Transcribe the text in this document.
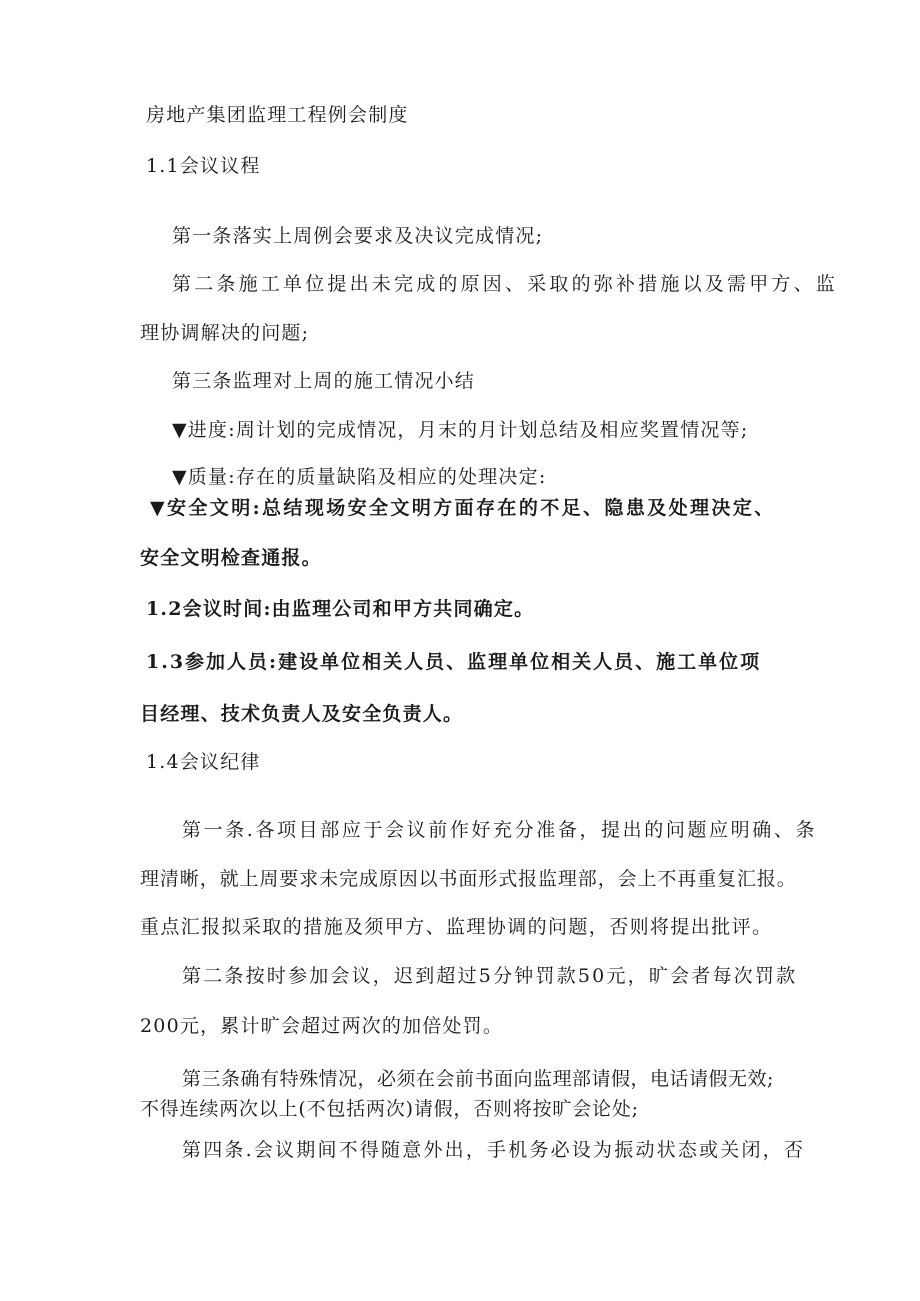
房地产集团监理工程例会制度
1.1会议议程
第一条落实上周例会要求及决议完成情况;
第二条施工单位提出未完成的原因、采取的弥补措施以及需甲方、监
理协调解决的问题;
第三条监理对上周的施工情况小结
▼进度:周计划的完成情况，月末的月计划总结及相应奖置情况等;
▼质量:存在的质量缺陷及相应的处理决定:
▼安全文明:总结现场安全文明方面存在的不足、隐患及处理决定、
安全文明检查通报。
1.2会议时间:由监理公司和甲方共同确定。
1.3参加人员:建设单位相关人员、监理单位相关人员、施工单位项
目经理、技术负责人及安全负责人。
1.4会议纪律
第一条.各项目部应于会议前作好充分准备，提出的问题应明确、条
理清晰，就上周要求未完成原因以书面形式报监理部，会上不再重复汇报。
重点汇报拟采取的措施及须甲方、监理协调的问题，否则将提出批评。
第二条按时参加会议，迟到超过5分钟罚款50元，旷会者每次罚款
200元，累计旷会超过两次的加倍处罚。
第三条确有特殊情况，必须在会前书面向监理部请假，电话请假无效;
不得连续两次以上(不包括两次)请假，否则将按旷会论处;
第四条.会议期间不得随意外出，手机务必设为振动状态或关闭，否
